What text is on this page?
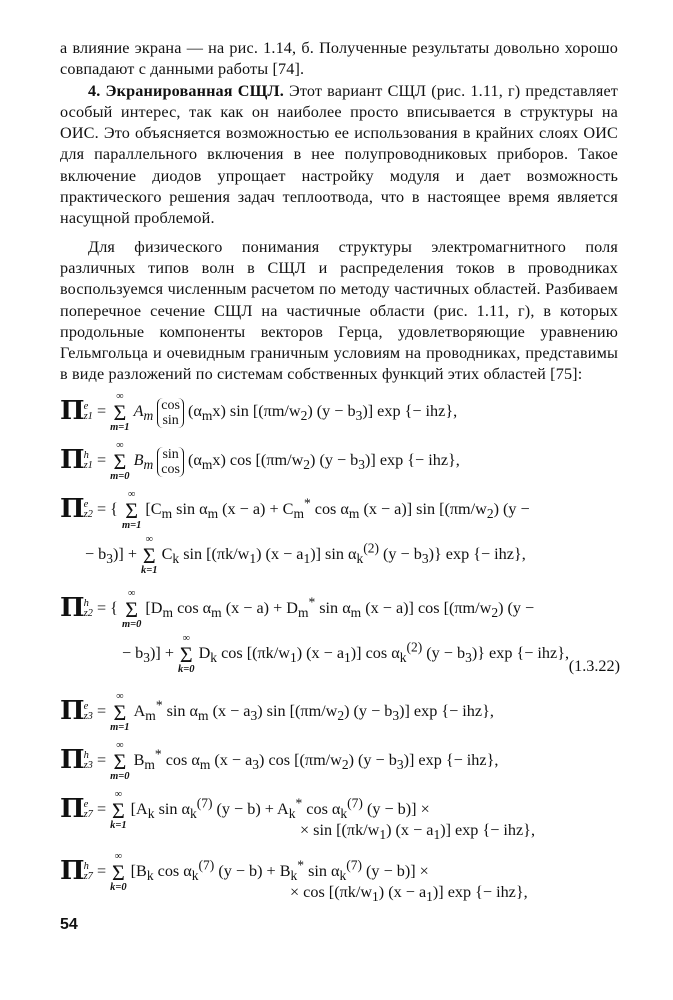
а влияние экрана — на рис. 1.14, б. Полученные результаты довольно хорошо совпадают с данными работы [74].

4. Экранированная СЩЛ. Этот вариант СЩЛ (рис. 1.11, г) представляет особый интерес, так как он наиболее просто вписывается в структуры на ОИС. Это объясняется возможностью ее использования в крайних слоях ОИС для параллельного включения в нее полупроводниковых приборов. Такое включение диодов упрощает настройку модуля и дает возможность практического решения задач теплоотвода, что в настоящее время является насущной проблемой.

Для физического понимания структуры электромагнитного поля различных типов волн в СЩЛ и распределения токов в проводниках воспользуемся численным расчетом по методу частичных областей. Разбиваем поперечное сечение СЩЛ на частичные области (рис. 1.11, г), в которых продольные компоненты векторов Герца, удовлетворяющие уравнению Гельмгольца и очевидным граничным условиям на проводниках, представимы в виде разложений по системам собственных функций этих областей [75]:

Π e
z1 =
∞
Σ
m=1
$A_m$ cos
$\sin (\alpha_mx)$ $\sin [(\pi m/w_2) (y - b_3)]$ exp {− ihz},
Π h
z1 =
∞
Σ
m=0
$B_m$ sin
$\cos (\alpha_mx)$ $\cos [(\pi m/w_2) (y - b_3)]$ exp {− ihz},
Π e
z2 = {
∞
Σ
m=1
[$C_m$ $\sin \alpha_m$ $(x - a) + C_m^*$ $\cos \alpha_m$ (x − a)] $\sin [(\pi m/w_2) (y$ −
− $b_3$)] +
∞
Σ
k=1
$C_k$ $\sin [(\pi k/w_1) (x - a_1)]$ $\sin \alpha_k^{(2)}$ $(y - b_3)$} exp {− ihz},
Π h
z2 = {
∞
Σ
m=0
[$D_m$ $\cos \alpha_m$ $(x - a) + D_m^*$ $\sin \alpha_m$ (x − a)] $\cos [(\pi m/w_2) (y$ −
− $b_3$)] +
∞
Σ
k=0
$D_k$ $\cos [(\pi k/w_1) (x - a_1)]$ $\cos \alpha_k^{(2)}$ $(y - b_3)$} exp {− ihz},
(1.3.22)
Π e
z3 =
∞
Σ
m=1
$A_m^*$ $\sin \alpha_m$ $(x - a_3)$ $\sin [(\pi m/w_2) (y - b_3)]$ exp {− ihz},
Π h
z3 =
∞
Σ
m=0
$B_m^*$ $\cos \alpha_m$ $(x - a_3)$ $\cos [(\pi m/w_2) (y - b_3)]$ exp {− ihz},
Π e
z7 =
∞
Σ
k=1
[$A_k$ $\sin \alpha_k^{(7)}$ $(y - b) + A_k^*$ $\cos \alpha_k^{(7)}$ (y − b)] ×
× $\sin [(\pi k/w_1) (x - a_1)]$ exp {− ihz},
Π h
z7 =
∞
Σ
k=0
[$B_k$ $\cos \alpha_k^{(7)}$ $(y - b) + B_k^*$ $\sin \alpha_k^{(7)}$ (y − b)] ×
× $\cos [(\pi k/w_1) (x - a_1)]$ exp {− ihz},
54
